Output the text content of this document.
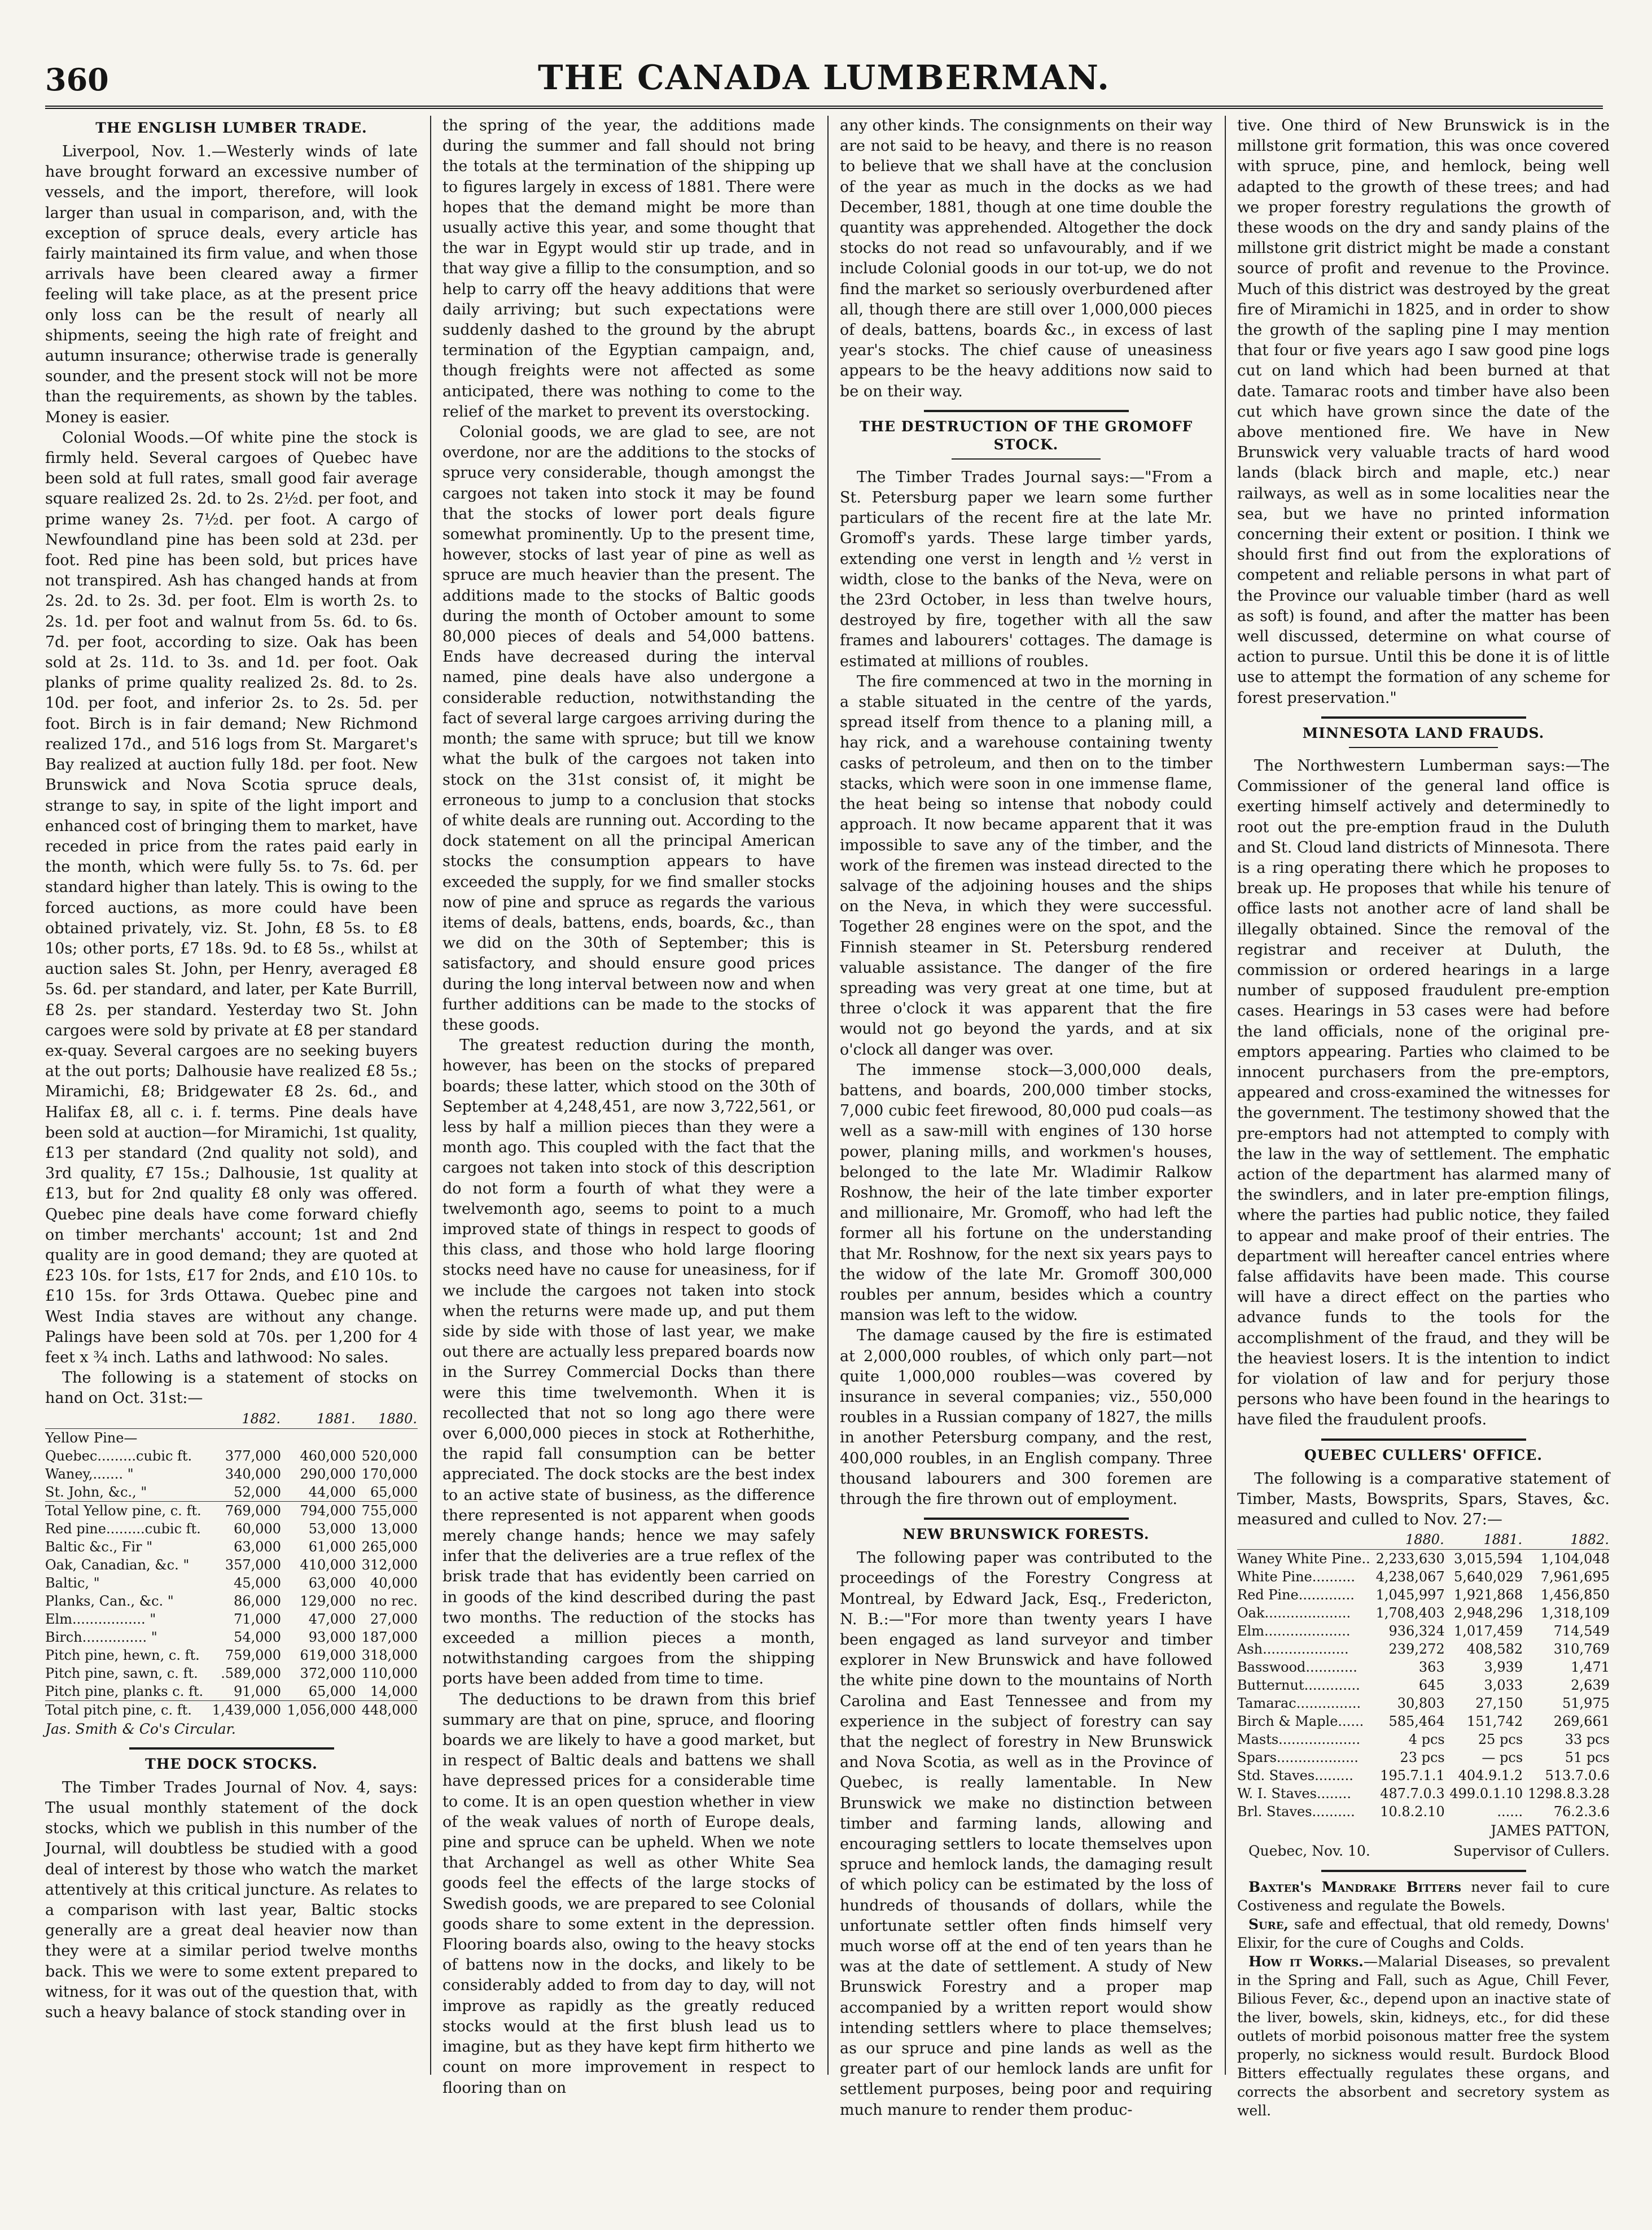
360	THE CANADA LUMBERMAN.
THE ENGLISH LUMBER TRADE.

Liverpool, Nov. 1.—Westerly winds of late have brought forward an excessive number of vessels, and the import, therefore, will look larger than usual in comparison, and, with the exception of spruce deals, every article has fairly maintained its firm value, and when those arrivals have been cleared away a firmer feeling will take place, as at the present price only loss can be the result of nearly all shipments, seeing the high rate of freight and autumn insurance; otherwise trade is generally sounder, and the present stock will not be more than the requirements, as shown by the tables. Money is easier.

Colonial Woods.—Of white pine the stock is firmly held. Several cargoes of Quebec have been sold at full rates, small good fair average square realized 2s. 2d. to 2s. 2½d. per foot, and prime waney 2s. 7½d. per foot. A cargo of Newfoundland pine has been sold at 23d. per foot. Red pine has been sold, but prices have not transpired. Ash has changed hands at from 2s. 2d. to 2s. 3d. per foot. Elm is worth 2s. to 2s. 1d. per foot and walnut from 5s. 6d. to 6s. 7d. per foot, according to size. Oak has been sold at 2s. 11d. to 3s. and 1d. per foot. Oak planks of prime quality realized 2s. 8d. to 2s. 10d. per foot, and inferior 2s. to 2s. 5d. per foot. Birch is in fair demand; New Richmond realized 17d., and 516 logs from St. Margaret's Bay realized at auction fully 18d. per foot. New Brunswick and Nova Scotia spruce deals, strange to say, in spite of the light import and enhanced cost of bringing them to market, have receded in price from the rates paid early in the month, which were fully 5s. to 7s. 6d. per standard higher than lately. This is owing to the forced auctions, as more could have been obtained privately, viz. St. John, £8 5s. to £8 10s; other ports, £7 18s. 9d. to £8 5s., whilst at auction sales St. John, per Henry, averaged £8 5s. 6d. per standard, and later, per Kate Burrill, £8 2s. per standard. Yesterday two St. John cargoes were sold by private at £8 per standard ex-quay. Several cargoes are no seeking buyers at the out ports; Dalhousie have realized £8 5s.; Miramichi, £8; Bridgewater £8 2s. 6d., and Halifax £8, all c. i. f. terms. Pine deals have been sold at auction—for Miramichi, 1st quality, £13 per standard (2nd quality not sold), and 3rd quality, £7 15s.; Dalhousie, 1st quality at £13, but for 2nd quality £8 only was offered. Quebec pine deals have come forward chiefly on timber merchants' account; 1st and 2nd quality are in good demand; they are quoted at £23 10s. for 1sts, £17 for 2nds, and £10 10s. to £10 15s. for 3rds Ottawa. Quebec pine and West India staves are without any change. Palings have been sold at 70s. per 1,200 for 4 feet x ¾ inch. Laths and lathwood: No sales.

The following is a statement of stocks on hand on Oct. 31st:—

	1882.	1881.	1880.
Yellow Pine—			
Quebec.........cubic ft.	377,000	460,000	520,000
Waney,....... "	340,000	290,000	170,000
St. John, &c., "	52,000	44,000	65,000
Total Yellow pine, c. ft.	769,000	794,000	755,000
Red pine.........cubic ft.	60,000	53,000	13,000
Baltic &c., Fir "	63,000	61,000	265,000
Oak, Canadian, &c. "	357,000	410,000	312,000
Baltic, "	45,000	63,000	40,000
Planks, Can., &c. "	86,000	129,000	no rec.
Elm................. "	71,000	47,000	27,000
Birch............... "	54,000	93,000	187,000
Pitch pine, hewn, c. ft.	759,000	619,000	318,000
Pitch pine, sawn, c. ft.	.589,000	372,000	110,000
Pitch pine, planks c. ft.	91,000	65,000	14,000
Total pitch pine, c. ft.	1,439,000	1,056,000	448,000
Jas. Smith & Co's Circular.
THE DOCK STOCKS.

The Timber Trades Journal of Nov. 4, says: The usual monthly statement of the dock stocks, which we publish in this number of the Journal, will doubtless be studied with a good deal of interest by those who watch the market attentively at this critical juncture. As relates to a comparison with last year, Baltic stocks generally are a great deal heavier now than they were at a similar period twelve months back. This we were to some extent prepared to witness, for it was out of the question that, with such a heavy balance of stock standing over in

the spring of the year, the additions made during the summer and fall should not bring the totals at the termination of the shipping up to figures largely in excess of 1881. There were hopes that the demand might be more than usually active this year, and some thought that the war in Egypt would stir up trade, and in that way give a fillip to the consumption, and so help to carry off the heavy additions that were daily arriving; but such expectations were suddenly dashed to the ground by the abrupt termination of the Egyptian campaign, and, though freights were not affected as some anticipated, there was nothing to come to the relief of the market to prevent its overstocking.

Colonial goods, we are glad to see, are not overdone, nor are the additions to the stocks of spruce very considerable, though amongst the cargoes not taken into stock it may be found that the stocks of lower port deals figure somewhat prominently. Up to the present time, however, stocks of last year of pine as well as spruce are much heavier than the present. The additions made to the stocks of Baltic goods during the month of October amount to some 80,000 pieces of deals and 54,000 battens. Ends have decreased during the interval named, pine deals have also undergone a considerable reduction, notwithstanding the fact of several large cargoes arriving during the month; the same with spruce; but till we know what the bulk of the cargoes not taken into stock on the 31st consist of, it might be erroneous to jump to a conclusion that stocks of white deals are running out. According to the dock statement on all the principal American stocks the consumption appears to have exceeded the supply, for we find smaller stocks now of pine and spruce as regards the various items of deals, battens, ends, boards, &c., than we did on the 30th of September; this is satisfactory, and should ensure good prices during the long interval between now and when further additions can be made to the stocks of these goods.

The greatest reduction during the month, however, has been on the stocks of prepared boards; these latter, which stood on the 30th of September at 4,248,451, are now 3,722,561, or less by half a million pieces than they were a month ago. This coupled with the fact that the cargoes not taken into stock of this description do not form a fourth of what they were a twelvemonth ago, seems to point to a much improved state of things in respect to goods of this class, and those who hold large flooring stocks need have no cause for uneasiness, for if we include the cargoes not taken into stock when the returns were made up, and put them side by side with those of last year, we make out there are actually less prepared boards now in the Surrey Commercial Docks than there were this time twelvemonth. When it is recollected that not so long ago there were over 6,000,000 pieces in stock at Rotherhithe, the rapid fall consumption can be better appreciated. The dock stocks are the best index to an active state of business, as the difference there represented is not apparent when goods merely change hands; hence we may safely infer that the deliveries are a true reflex of the brisk trade that has evidently been carried on in goods of the kind described during the past two months. The reduction of the stocks has exceeded a million pieces a month, notwithstanding cargoes from the shipping ports have been added from time to time.

The deductions to be drawn from this brief summary are that on pine, spruce, and flooring boards we are likely to have a good market, but in respect of Baltic deals and battens we shall have depressed prices for a considerable time to come. It is an open question whether in view of the weak values of north of Europe deals, pine and spruce can be upheld. When we note that Archangel as well as other White Sea goods feel the effects of the large stocks of Swedish goods, we are prepared to see Colonial goods share to some extent in the depression. Flooring boards also, owing to the heavy stocks of battens now in the docks, and likely to be considerably added to from day to day, will not improve as rapidly as the greatly reduced stocks would at the first blush lead us to imagine, but as they have kept firm hitherto we count on more improvement in respect to flooring than on

any other kinds. The consignments on their way are not said to be heavy, and there is no reason to believe that we shall have at the conclusion of the year as much in the docks as we had December, 1881, though at one time double the quantity was apprehended. Altogether the dock stocks do not read so unfavourably, and if we include Colonial goods in our tot-up, we do not find the market so seriously overburdened after all, though there are still over 1,000,000 pieces of deals, battens, boards &c., in excess of last year's stocks. The chief cause of uneasiness appears to be the heavy additions now said to be on their way.

THE DESTRUCTION OF THE GROMOFF STOCK.

The Timber Trades Journal says:—"From a St. Petersburg paper we learn some further particulars of the recent fire at the late Mr. Gromoff's yards. These large timber yards, extending one verst in length and ½ verst in width, close to the banks of the Neva, were on the 23rd October, in less than twelve hours, destroyed by fire, together with all the saw frames and labourers' cottages. The damage is estimated at millions of roubles.

The fire commenced at two in the morning in a stable situated in the centre of the yards, spread itself from thence to a planing mill, a hay rick, and a warehouse containing twenty casks of petroleum, and then on to the timber stacks, which were soon in one immense flame, the heat being so intense that nobody could approach. It now became apparent that it was impossible to save any of the timber, and the work of the firemen was instead directed to the salvage of the adjoining houses and the ships on the Neva, in which they were successful. Together 28 engines were on the spot, and the Finnish steamer in St. Petersburg rendered valuable assistance. The danger of the fire spreading was very great at one time, but at three o'clock it was apparent that the fire would not go beyond the yards, and at six o'clock all danger was over.

The immense stock—3,000,000 deals, battens, and boards, 200,000 timber stocks, 7,000 cubic feet firewood, 80,000 pud coals—as well as a saw-mill with engines of 130 horse power, planing mills, and workmen's houses, belonged to the late Mr. Wladimir Ralkow Roshnow, the heir of the late timber exporter and millionaire, Mr. Gromoff, who had left the former all his fortune on the understanding that Mr. Roshnow, for the next six years pays to the widow of the late Mr. Gromoff 300,000 roubles per annum, besides which a country mansion was left to the widow.

The damage caused by the fire is estimated at 2,000,000 roubles, of which only part—not quite 1,000,000 roubles—was covered by insurance in several companies; viz., 550,000 roubles in a Russian company of 1827, the mills in another Petersburg company, and the rest, 400,000 roubles, in an English company. Three thousand labourers and 300 foremen are through the fire thrown out of employment.

NEW BRUNSWICK FORESTS.

The following paper was contributed to the proceedings of the Forestry Congress at Montreal, by Edward Jack, Esq., Fredericton, N. B.:—"For more than twenty years I have been engaged as land surveyor and timber explorer in New Brunswick and have followed the white pine down to the mountains of North Carolina and East Tennessee and from my experience in the subject of forestry can say that the neglect of forestry in New Brunswick and Nova Scotia, as well as in the Province of Quebec, is really lamentable. In New Brunswick we make no distinction between timber and farming lands, allowing and encouraging settlers to locate themselves upon spruce and hemlock lands, the damaging result of which policy can be estimated by the loss of hundreds of thousands of dollars, while the unfortunate settler often finds himself very much worse off at the end of ten years than he was at the date of settlement. A study of New Brunswick Forestry and a proper map accompanied by a written report would show intending settlers where to place themselves; as our spruce and pine lands as well as the greater part of our hemlock lands are unfit for settlement purposes, being poor and requiring much manure to render them produc-

tive. One third of New Brunswick is in the millstone grit formation, this was once covered with spruce, pine, and hemlock, being well adapted to the growth of these trees; and had we proper forestry regulations the growth of these woods on the dry and sandy plains of the millstone grit district might be made a constant source of profit and revenue to the Province. Much of this district was destroyed by the great fire of Miramichi in 1825, and in order to show the growth of the sapling pine I may mention that four or five years ago I saw good pine logs cut on land which had been burned at that date. Tamarac roots and timber have also been cut which have grown since the date of the above mentioned fire. We have in New Brunswick very valuable tracts of hard wood lands (black birch and maple, etc.) near railways, as well as in some localities near the sea, but we have no printed information concerning their extent or position. I think we should first find out from the explorations of competent and reliable persons in what part of the Province our valuable timber (hard as well as soft) is found, and after the matter has been well discussed, determine on what course of action to pursue. Until this be done it is of little use to attempt the formation of any scheme for forest preservation."

MINNESOTA LAND FRAUDS.

The Northwestern Lumberman says:—The Commissioner of the general land office is exerting himself actively and determinedly to root out the pre-emption fraud in the Duluth and St. Cloud land districts of Minnesota. There is a ring operating there which he proposes to break up. He proposes that while his tenure of office lasts not another acre of land shall be illegally obtained. Since the removal of the registrar and receiver at Duluth, the commission or ordered hearings in a large number of supposed fraudulent pre-emption cases. Hearings in 53 cases were had before the land officials, none of the original pre-emptors appearing. Parties who claimed to be innocent purchasers from the pre-emptors, appeared and cross-examined the witnesses for the government. The testimony showed that the pre-emptors had not attempted to comply with the law in the way of settlement. The emphatic action of the department has alarmed many of the swindlers, and in later pre-emption filings, where the parties had public notice, they failed to appear and make proof of their entries. The department will hereafter cancel entries where false affidavits have been made. This course will have a direct effect on the parties who advance funds to the tools for the accomplishment of the fraud, and they will be the heaviest losers. It is the intention to indict for violation of law and for perjury those persons who have been found in the hearings to have filed the fraudulent proofs.

QUEBEC CULLERS' OFFICE.

The following is a comparative statement of Timber, Masts, Bowsprits, Spars, Staves, &c. measured and culled to Nov. 27:—

	1880.	1881.	1882.
Waney White Pine..	2,233,630	3,015,594	1,104,048
White Pine..........	4,238,067	5,640,029	7,961,695
Red Pine.............	1,045,997	1,921,868	1,456,850
Oak....................	1,708,403	2,948,296	1,318,109
Elm....................	936,324	1,017,459	714,549
Ash....................	239,272	408,582	310,769
Basswood............	363	3,939	1,471
Butternut.............	645	3,033	2,639
Tamarac...............	30,803	27,150	51,975
Birch & Maple......	585,464	151,742	269,661
Masts...................	4 pcs	25 pcs	33 pcs
Spars...................	23 pcs	— pcs	51 pcs
Std. Staves.........	195.7.1.1	404.9.1.2	513.7.0.6
W. I. Staves........	487.7.0.3	499.0.1.10	1298.8.3.28
Brl. Staves..........	10.8.2.10	......	76.2.3.6
JAMES PATTON,
Quebec, Nov. 10.	Supervisor of Cullers.

Baxter's Mandrake Bitters never fail to cure Costiveness and regulate the Bowels.

Sure, safe and effectual, that old remedy, Downs' Elixir, for the cure of Coughs and Colds.

How it Works.—Malarial Diseases, so prevalent in the Spring and Fall, such as Ague, Chill Fever, Bilious Fever, &c., depend upon an inactive state of the liver, bowels, skin, kidneys, etc., for did these outlets of morbid poisonous matter free the system properly, no sickness would result. Burdock Blood Bitters effectually regulates these organs, and corrects the absorbent and secretory system as well.
